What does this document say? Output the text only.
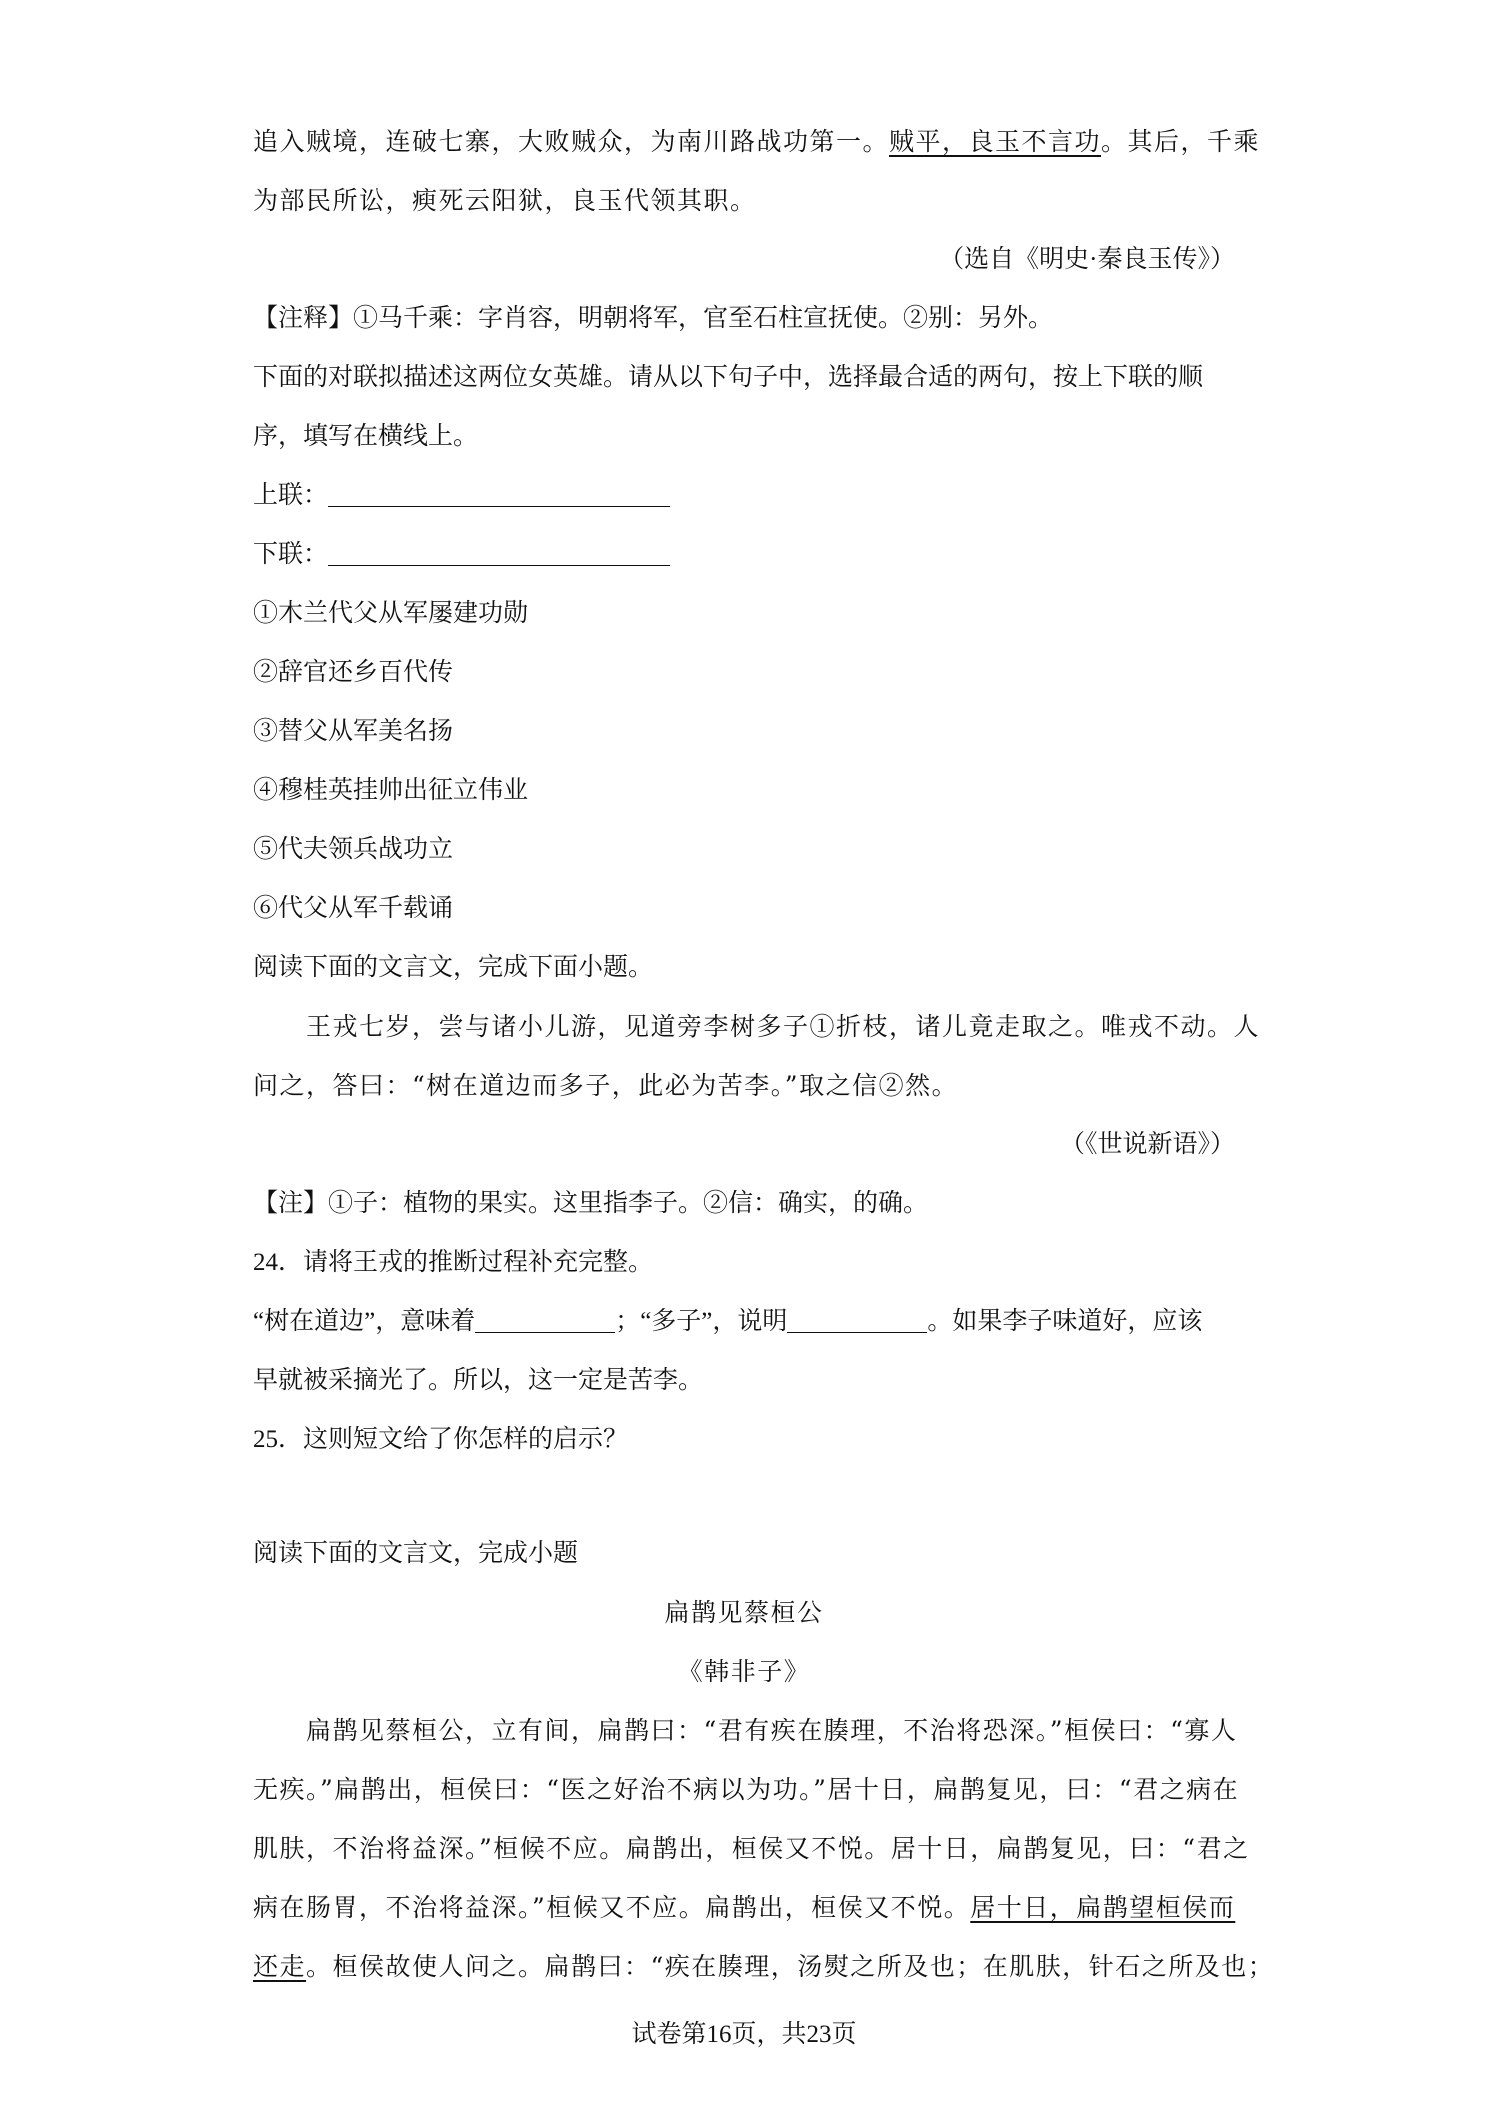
追入贼境，连破七寨，大败贼众，为南川路战功第一。贼平，良玉不言功。其后，千乘
为部民所讼，瘐死云阳狱，良玉代领其职。
（选自《明史·秦良玉传》）
【注释】①马千乘：字肖容，明朝将军，官至石柱宣抚使。②别：另外。
下面的对联拟描述这两位女英雄。请从以下句子中，选择最合适的两句，按上下联的顺
序，填写在横线上。
上联：
下联：
①木兰代父从军屡建功勋
②辞官还乡百代传
③替父从军美名扬
④穆桂英挂帅出征立伟业
⑤代夫领兵战功立
⑥代父从军千载诵
阅读下面的文言文，完成下面小题。
王戎七岁，尝与诸小儿游，见道旁李树多子①折枝，诸儿竟走取之。唯戎不动。人
问之，答曰：“树在道边而多子，此必为苦李。”取之信②然。
（《世说新语》）
【注】①子：植物的果实。这里指李子。②信：确实，的确。
24．请将王戎的推断过程补充完整。
“树在道边”，意味着	；“多子”，说明	。如果李子味道好，应该
早就被采摘光了。所以，这一定是苦李。
25．这则短文给了你怎样的启示？
阅读下面的文言文，完成小题
扁鹊见蔡桓公
《韩非子》
扁鹊见蔡桓公，立有间，扁鹊曰：“君有疾在腠理，不治将恐深。”桓侯曰：“寡人
无疾。”扁鹊出，桓侯曰：“医之好治不病以为功。”居十日，扁鹊复见，曰：“君之病在
肌肤，不治将益深。”桓候不应。扁鹊出，桓侯又不悦。居十日，扁鹊复见，曰：“君之
病在肠胃，不治将益深。”桓候又不应。扁鹊出，桓侯又不悦。居十日，扁鹊望桓侯而
还走。桓侯故使人问之。扁鹊曰：“疾在腠理，汤熨之所及也；在肌肤，针石之所及也；
试卷第16页，共23页
